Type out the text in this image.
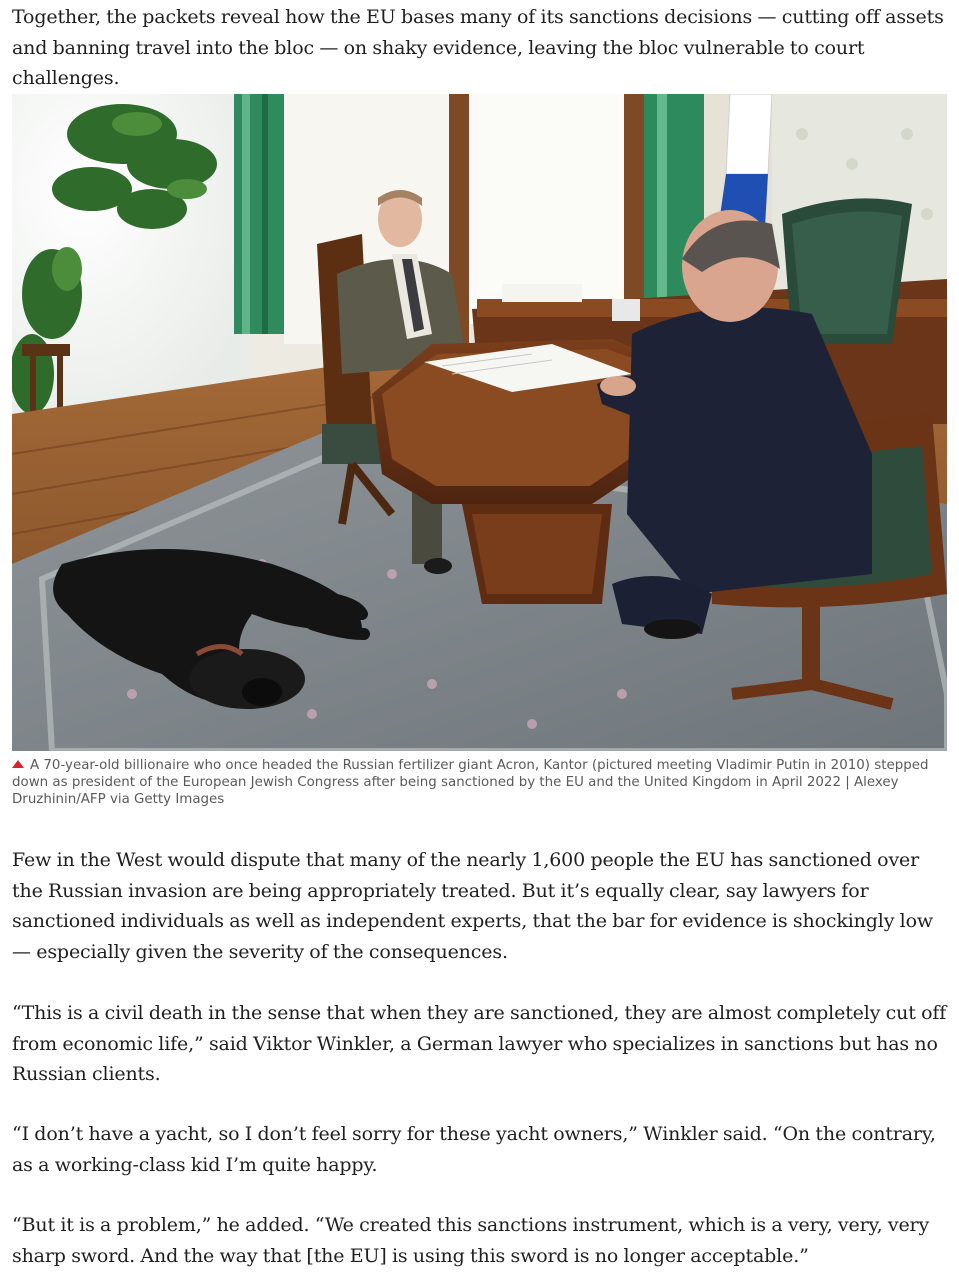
Together, the packets reveal how the EU bases many of its sanctions decisions — cutting off assets and banning travel into the bloc — on shaky evidence, leaving the bloc vulnerable to court challenges.

A 70-year-old billionaire who once headed the Russian fertilizer giant Acron, Kantor (pictured meeting Vladimir Putin in 2010) stepped down as president of the European Jewish Congress after being sanctioned by the EU and the United Kingdom in April 2022 | Alexey Druzhinin/AFP via Getty Images

Few in the West would dispute that many of the nearly 1,600 people the EU has sanctioned over the Russian invasion are being appropriately treated. But it’s equally clear, say lawyers for sanctioned individuals as well as independent experts, that the bar for evidence is shockingly low — especially given the severity of the consequences.

“This is a civil death in the sense that when they are sanctioned, they are almost completely cut off from economic life,” said Viktor Winkler, a German lawyer who specializes in sanctions but has no Russian clients.

“I don’t have a yacht, so I don’t feel sorry for these yacht owners,” Winkler said. “On the contrary, as a working-class kid I’m quite happy.

“But it is a problem,” he added. “We created this sanctions instrument, which is a very, very, very sharp sword. And the way that [the EU] is using this sword is no longer acceptable.”
